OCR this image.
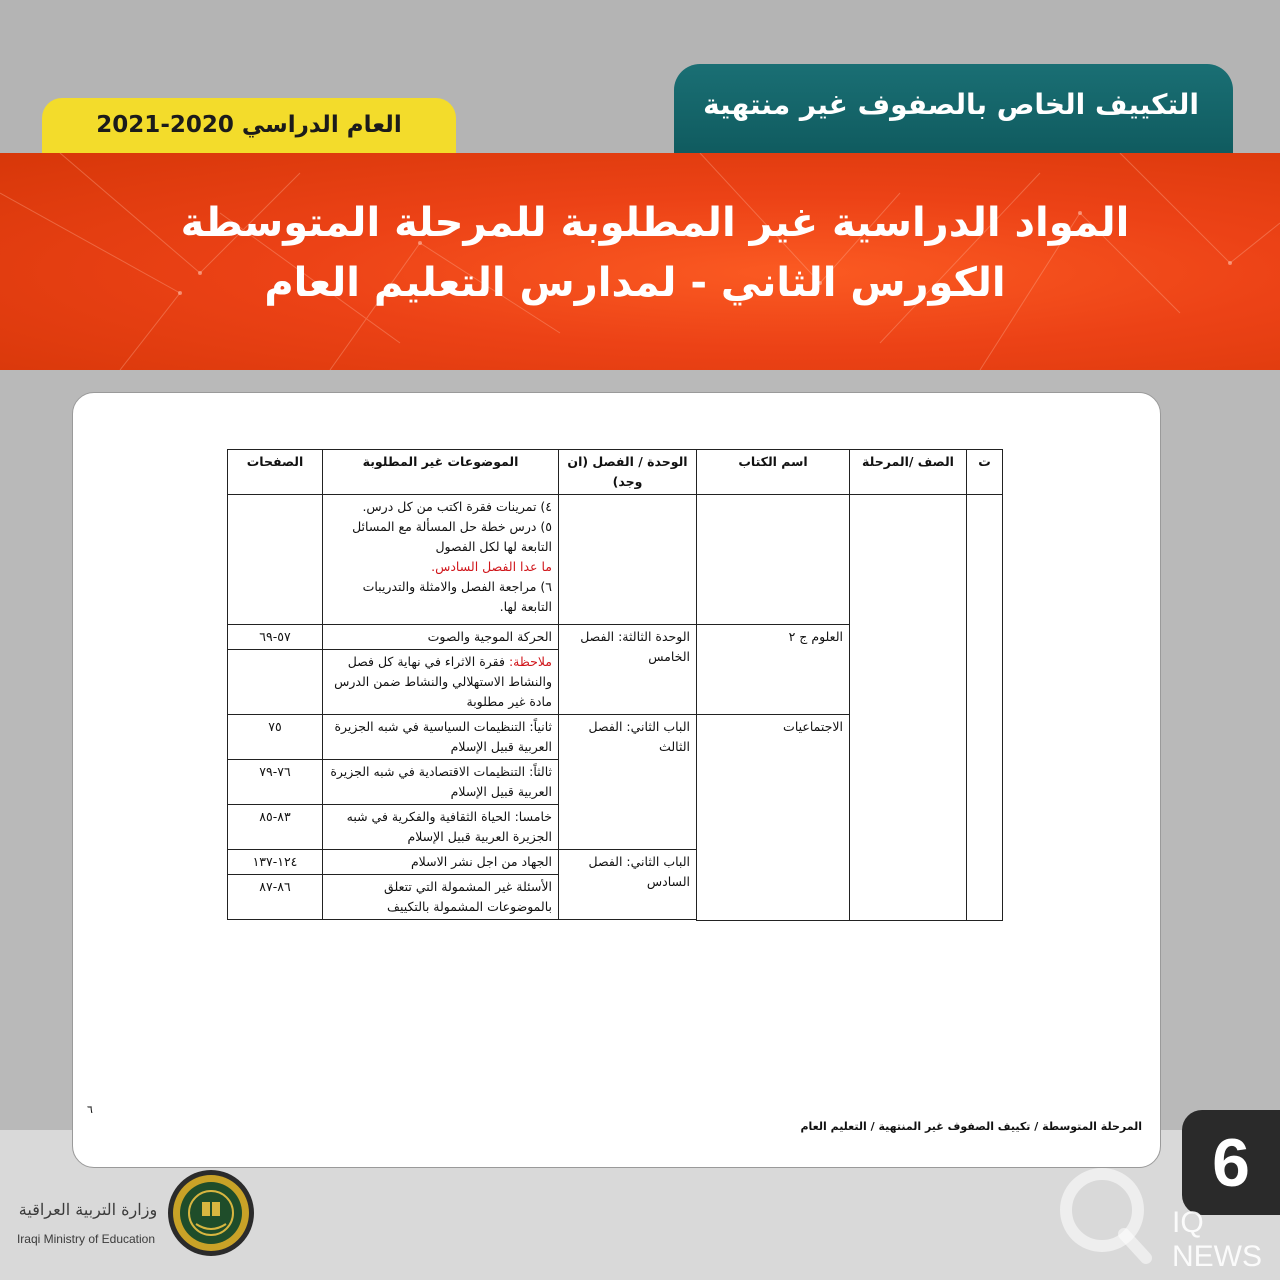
التكييف الخاص بالصفوف غير منتهية
العام الدراسي 2020-2021
المواد الدراسية غير المطلوبة للمرحلة المتوسطة
الكورس الثاني - لمدارس التعليم العام
ت	الصف /المرحلة	اسم الكتاب	الوحدة / الفصل (ان وجد)	الموضوعات غير المطلوبة	الصفحات

				٤) تمرينات فقرة اكتب من كل درس.
٥) درس خطة حل المسألة مع المسائل التابعة لها لكل الفصول
ما عدا الفصل السادس.
٦) مراجعة الفصل والامثلة والتدريبات التابعة لها.	

		العلوم ج ٢	الوحدة الثالثة: الفصل الخامس	الحركة الموجية والصوت	٥٧-٦٩
				ملاحظة: فقرة الاثراء في نهاية كل فصل والنشاط الاستهلالي والنشاط ضمن الدرس مادة غير مطلوبة	
		الاجتماعيات	الباب الثاني: الفصل الثالث	ثانياً: التنظيمات السياسية في شبه الجزيرة العربية قبيل الإسلام	٧٥
				ثالثاً: التنظيمات الاقتصادية في شبه الجزيرة العربية قبيل الإسلام	٧٦-٧٩
				خامسا: الحياة الثقافية والفكرية في شبه الجزيرة العربية قبيل الإسلام	٨٣-٨٥
			الباب الثاني: الفصل السادس	الجهاد من اجل نشر الاسلام	١٢٤-١٣٧
				الأسئلة غير المشمولة التي تتعلق بالموضوعات المشمولة بالتكييف	٨٦-٨٧

٦
المرحلة المتوسطة / تكييف الصفوف غير المنتهية / التعليم العام 6
IQ NEWS
وزارة التربية العراقية
Iraqi Ministry of Education
